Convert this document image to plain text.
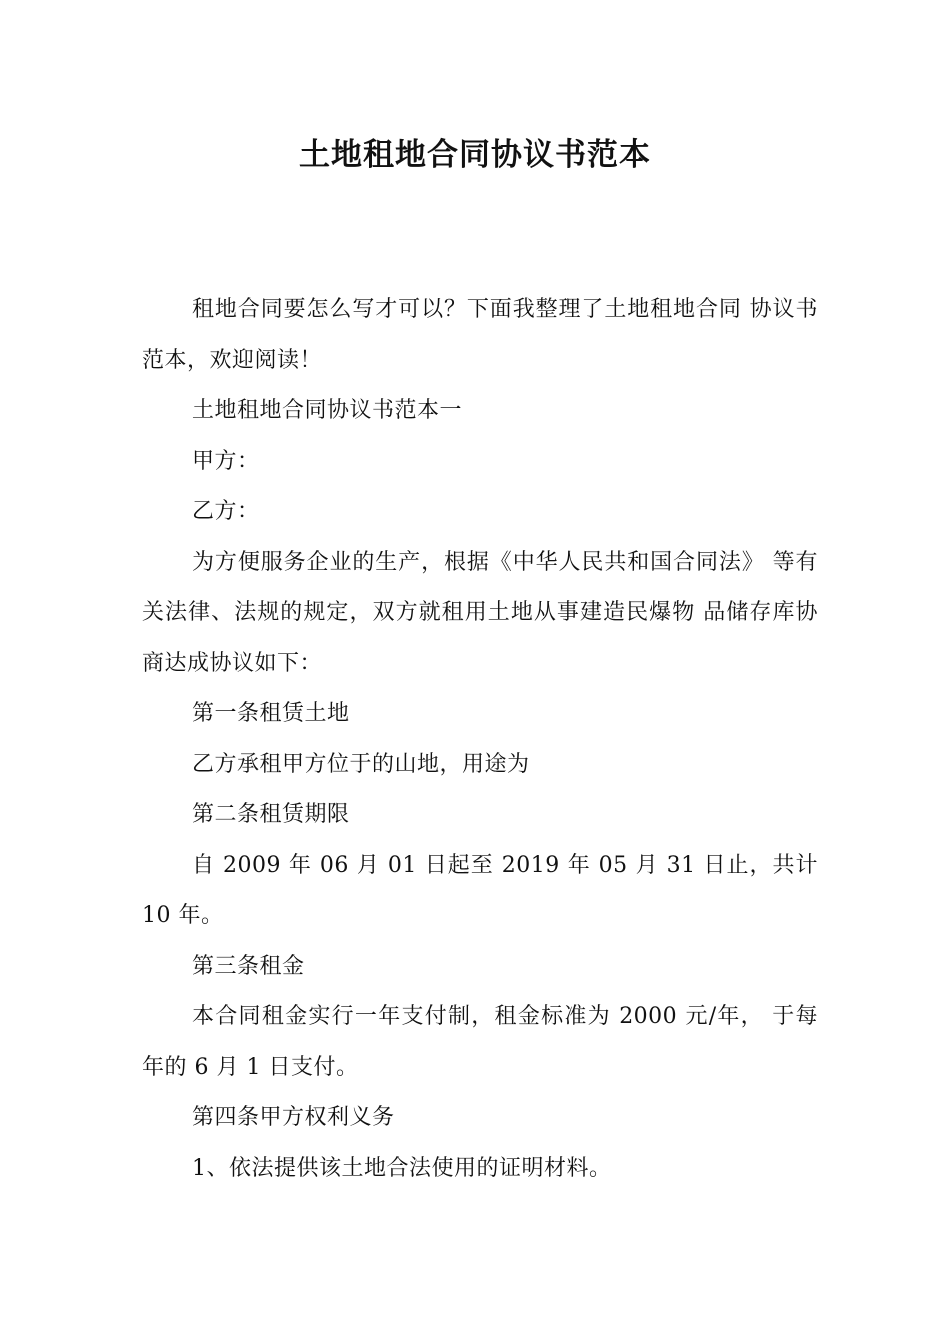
土地租地合同协议书范本

租地合同要怎么写才可以？下面我整理了土地租地合同 协议书范本，欢迎阅读！

土地租地合同协议书范本一

甲方：

乙方：

为方便服务企业的生产，根据《中华人民共和国合同法》 等有关法律、法规的规定，双方就租用土地从事建造民爆物 品储存库协商达成协议如下：

第一条租赁土地

乙方承租甲方位于的山地，用途为

第二条租赁期限

自 2009 年 06 月 01 日起至 2019 年 05 月 31 日止，共计 10 年。

第三条租金

本合同租金实行一年支付制，租金标准为 2000 元/年， 于每年的 6 月 1 日支付。

第四条甲方权利义务

1、依法提供该土地合法使用的证明材料。
